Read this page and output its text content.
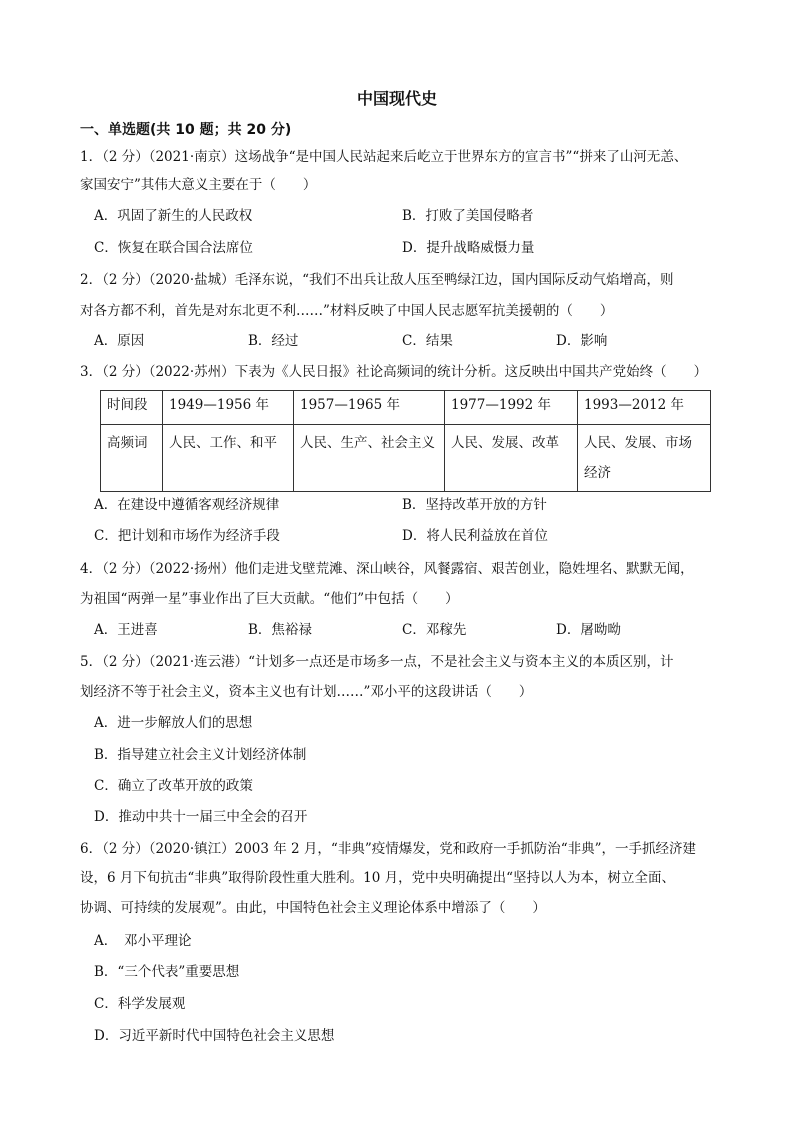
中国现代史
一、单选题(共 10 题；共 20 分)
1．（2 分）（2021·南京）这场战争“是中国人民站起来后屹立于世界东方的宣言书”“拼来了山河无恙、
家国安宁”其伟大意义主要在于（　　）
A．巩固了新生的人民政权	B．打败了美国侵略者
C．恢复在联合国合法席位	D．提升战略威慑力量
2．（2 分）（2020·盐城）毛泽东说，“我们不出兵让敌人压至鸭绿江边，国内国际反动气焰增高，则
对各方都不利，首先是对东北更不利……”材料反映了中国人民志愿军抗美援朝的（　　）
A．原因	B．经过	C．结果	D．影响
3．（2 分）（2022·苏州）下表为《人民日报》社论高频词的统计分析。这反映出中国共产党始终（　　）
时间段	1949—1956 年	1957—1965 年	1977—1992 年	1993—2012 年
高频词	人民、工作、和平	人民、生产、社会主义	人民、发展、改革	人民、发展、市场经济
A．在建设中遵循客观经济规律	B．坚持改革开放的方针
C．把计划和市场作为经济手段	D．将人民利益放在首位
4．（2 分）（2022·扬州）他们走进戈壁荒滩、深山峡谷，风餐露宿、艰苦创业，隐姓埋名、默默无闻，
为祖国“两弹一星”事业作出了巨大贡献。“他们”中包括（　　）
A．王进喜	B．焦裕禄	C．邓稼先	D．屠呦呦
5．（2 分）（2021·连云港）“计划多一点还是市场多一点，不是社会主义与资本主义的本质区别，计
划经济不等于社会主义，资本主义也有计划……”邓小平的这段讲话（　　）
A．进一步解放人们的思想
B．指导建立社会主义计划经济体制
C．确立了改革开放的政策
D．推动中共十一届三中全会的召开
6．（2 分）（2020·镇江）2003 年 2 月，“非典”疫情爆发，党和政府一手抓防治“非典”，一手抓经济建
设，6 月下旬抗击“非典”取得阶段性重大胜利。10 月，党中央明确提出“坚持以人为本，树立全面、
协调、可持续的发展观”。由此，中国特色社会主义理论体系中增添了（　　）
A．　邓小平理论
B．“三个代表”重要思想
C．科学发展观
D．习近平新时代中国特色社会主义思想
